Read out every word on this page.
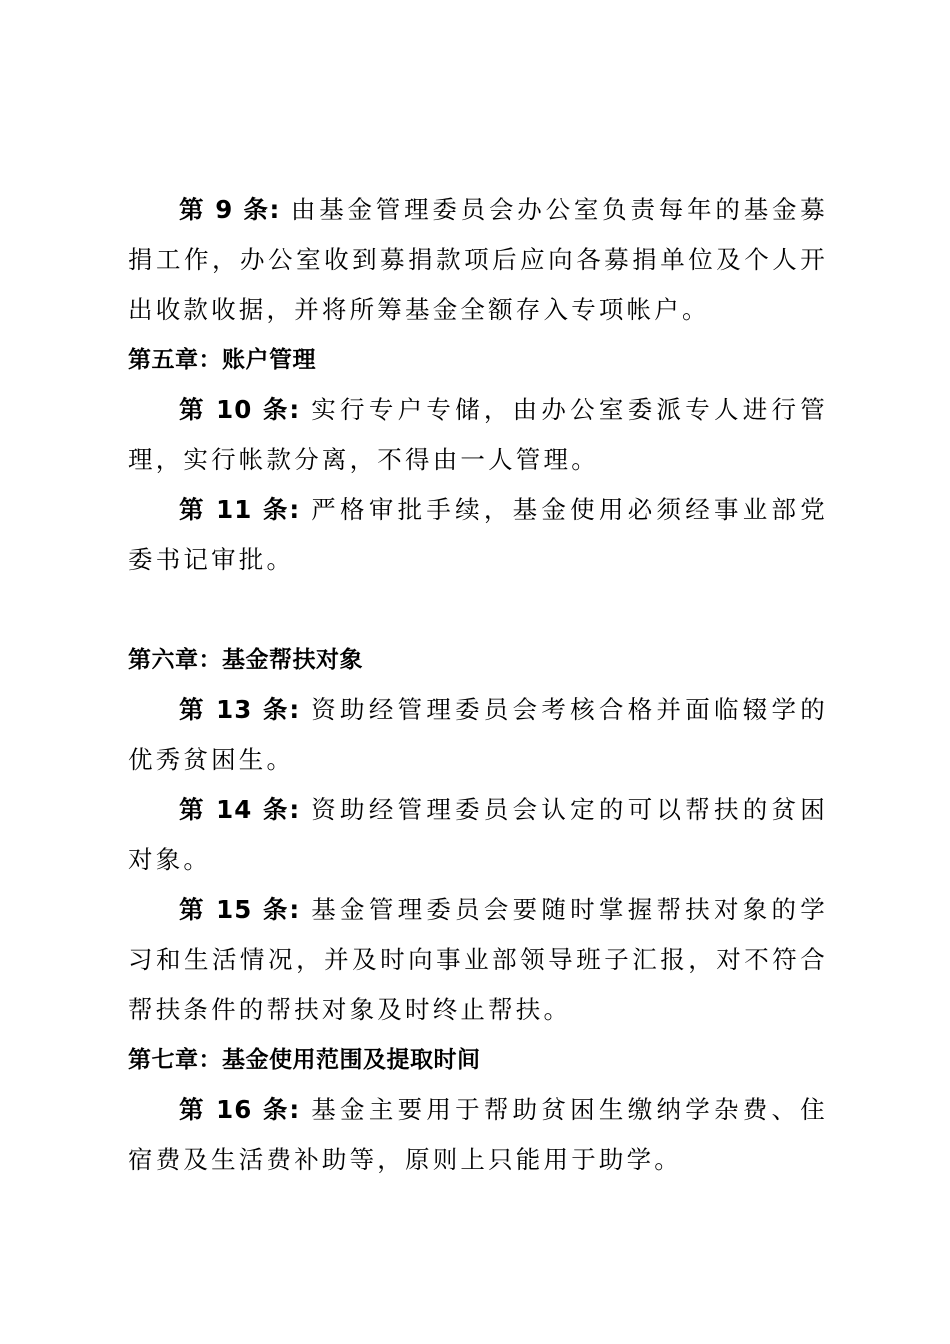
第 9 条: 由基金管理委员会办公室负责每年的基金募捐工作，办公室收到募捐款项后应向各募捐单位及个人开出收款收据，并将所筹基金全额存入专项帐户。

第五章：账户管理

第 10 条: 实行专户专储，由办公室委派专人进行管理，实行帐款分离，不得由一人管理。

第 11 条: 严格审批手续，基金使用必须经事业部党委书记审批。

第六章：基金帮扶对象

第 13 条: 资助经管理委员会考核合格并面临辍学的优秀贫困生。

第 14 条: 资助经管理委员会认定的可以帮扶的贫困对象。

第 15 条: 基金管理委员会要随时掌握帮扶对象的学习和生活情况，并及时向事业部领导班子汇报，对不符合帮扶条件的帮扶对象及时终止帮扶。

第七章：基金使用范围及提取时间

第 16 条: 基金主要用于帮助贫困生缴纳学杂费、住宿费及生活费补助等，原则上只能用于助学。
